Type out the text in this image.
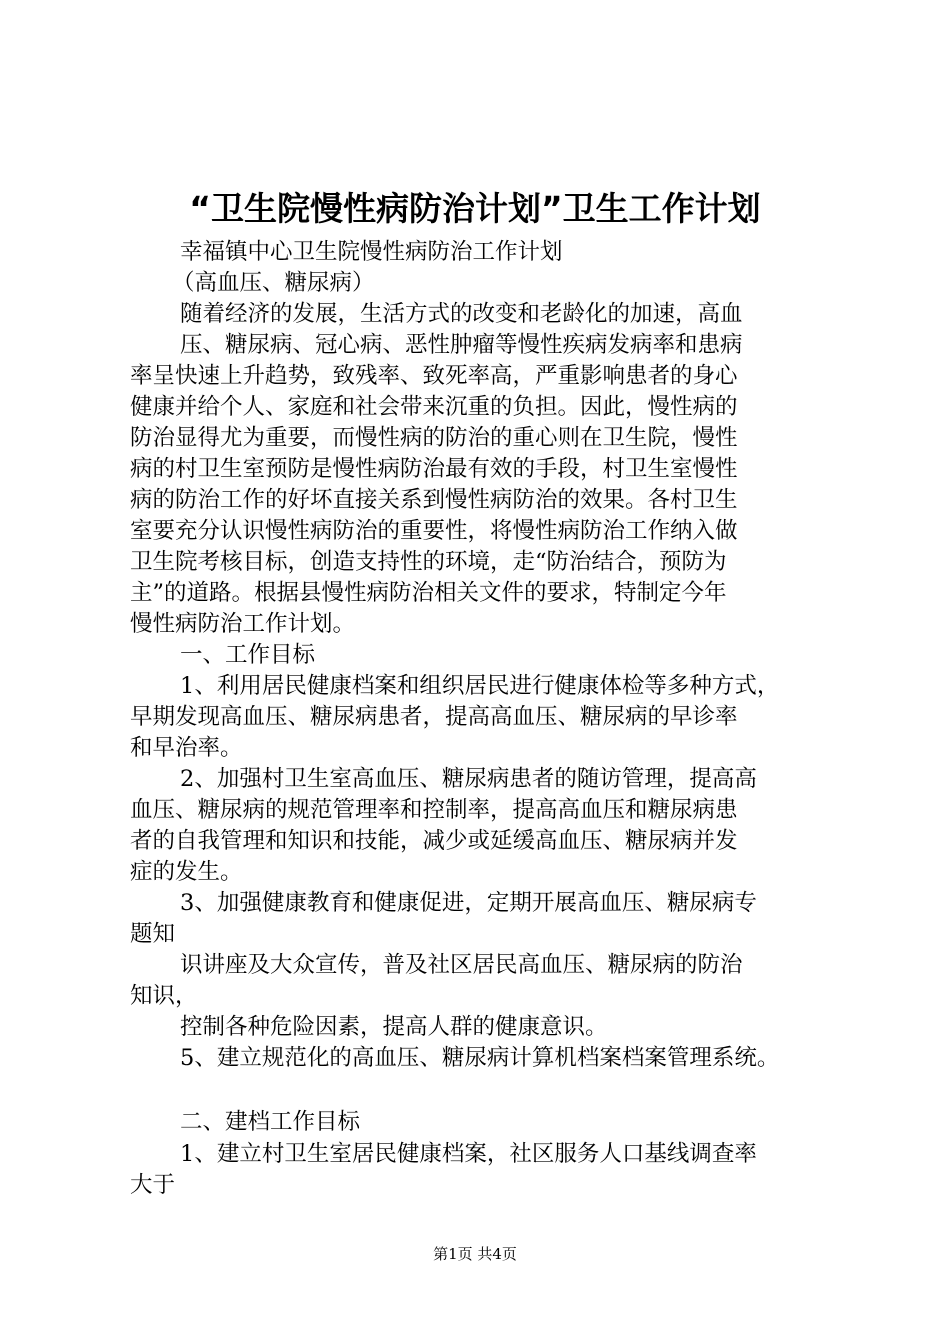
“卫生院慢性病防治计划”卫生工作计划

幸福镇中心卫生院慢性病防治工作计划

（高血压、糖尿病）

随着经济的发展，生活方式的改变和老龄化的加速，高血

压、糖尿病、冠心病、恶性肿瘤等慢性疾病发病率和患病

率呈快速上升趋势，致残率、致死率高，严重影响患者的身心

健康并给个人、家庭和社会带来沉重的负担。因此，慢性病的

防治显得尤为重要，而慢性病的防治的重心则在卫生院，慢性

病的村卫生室预防是慢性病防治最有效的手段，村卫生室慢性

病的防治工作的好坏直接关系到慢性病防治的效果。各村卫生

室要充分认识慢性病防治的重要性，将慢性病防治工作纳入做

卫生院考核目标，创造支持性的环境，走“防治结合，预防为

主”的道路。根据县慢性病防治相关文件的要求，特制定今年

慢性病防治工作计划。

一、工作目标

1、利用居民健康档案和组织居民进行健康体检等多种方式，

早期发现高血压、糖尿病患者，提高高血压、糖尿病的早诊率

和早治率。

2、加强村卫生室高血压、糖尿病患者的随访管理，提高高

血压、糖尿病的规范管理率和控制率，提高高血压和糖尿病患

者的自我管理和知识和技能，减少或延缓高血压、糖尿病并发

症的发生。

3、加强健康教育和健康促进，定期开展高血压、糖尿病专

题知

识讲座及大众宣传，普及社区居民高血压、糖尿病的防治

知识，

控制各种危险因素，提高人群的健康意识。

5、建立规范化的高血压、糖尿病计算机档案档案管理系统。

二、建档工作目标

1、建立村卫生室居民健康档案，社区服务人口基线调查率

大于

第1页 共4页
